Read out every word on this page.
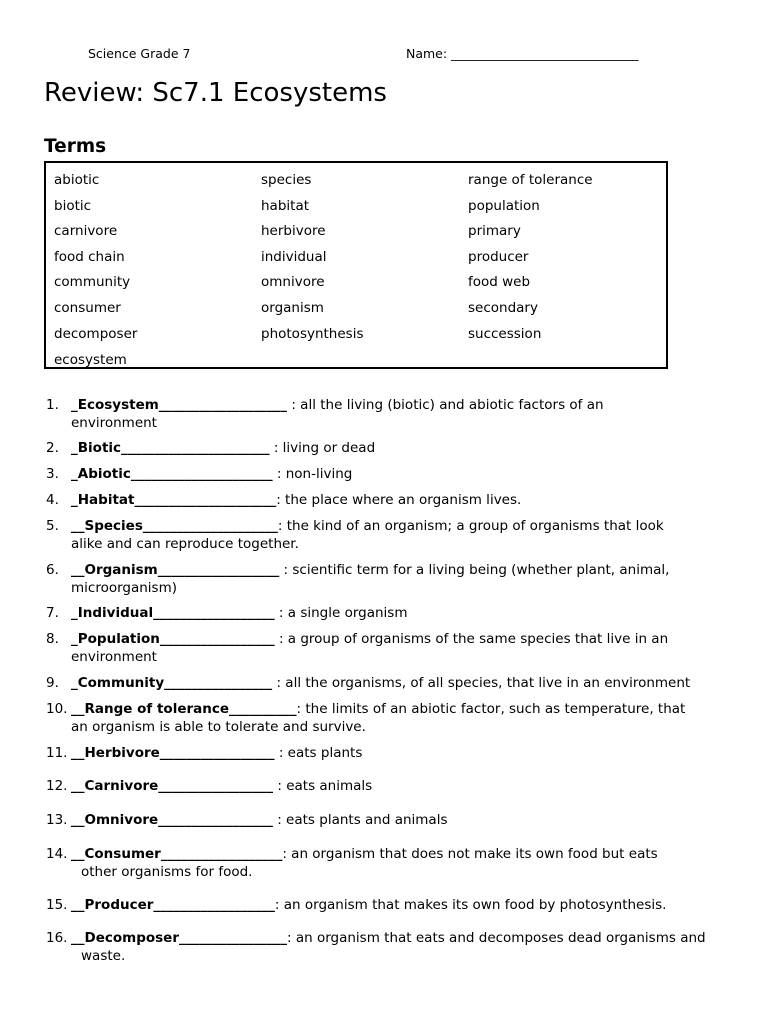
Science Grade 7	Name: ______________________________
Review: Sc7.1 Ecosystems
Terms
abiotic
biotic
carnivore
food chain
community
consumer
decomposer
ecosystem
species
habitat
herbivore
individual
omnivore
organism
photosynthesis
range of tolerance
population
primary
producer
food web
secondary
succession
1. _Ecosystem___________________ : all the living (biotic) and abiotic factors of an
environment
2. _Biotic______________________ : living or dead
3. _Abiotic_____________________ : non-living
4. _Habitat_____________________: the place where an organism lives.
5. __Species____________________: the kind of an organism; a group of organisms that look
alike and can reproduce together.
6. __Organism__________________ : scientific term for a living being (whether plant, animal,
microorganism)
7. _Individual__________________ : a single organism
8. _Population_________________ : a group of organisms of the same species that live in an
environment
9. _Community________________ : all the organisms, of all species, that live in an environment
10. __Range of tolerance__________: the limits of an abiotic factor, such as temperature, that
an organism is able to tolerate and survive.
11. __Herbivore_________________ : eats plants
12. __Carnivore_________________ : eats animals
13. __Omnivore_________________ : eats plants and animals
14. __Consumer__________________: an organism that does not make its own food but eats
other organisms for food.
15. __Producer__________________: an organism that makes its own food by photosynthesis.
16. __Decomposer________________: an organism that eats and decomposes dead organisms and
waste.
